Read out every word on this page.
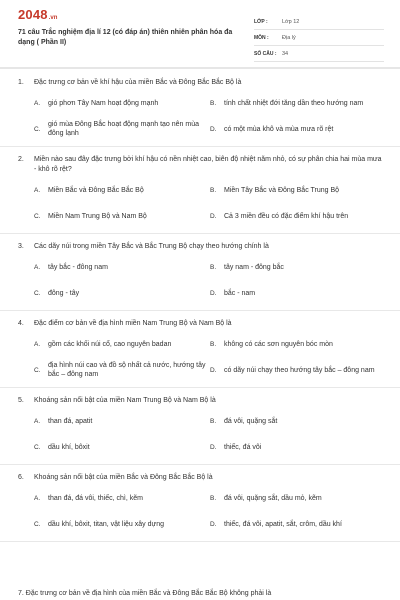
2048 .vn
71 câu Trắc nghiệm địa lí 12 (có đáp án) thiên nhiên phân hóa đa dạng ( Phần II)
LỚP :	Lớp 12
MÔN :	Địa lý
SỐ CÂU :	34
1.	Đặc trưng cơ bản về khí hậu của miền Bắc và Đông Bắc Bắc Bộ là
A.	gió phơn Tây Nam hoạt động mạnh	B.	tính chất nhiệt đới tăng dần theo hướng nam
C.
gió mùa Đông Bắc hoạt động mạnh tạo nên mùa đông lạnh
D.	có một mùa khô và mùa mưa rõ rệt
2.	Miền nào sau đây đặc trưng bởi khí hậu có nền nhiệt cao, biên độ nhiệt năm nhỏ, có sự phân chia hai mùa mưa - khô rõ rệt?
A.	Miền Bắc và Đông Bắc Bắc Bộ	B.	Miền Tây Bắc và Đông Bắc Trung Bộ
C.	Miền Nam Trung Bộ và Nam Bộ	D.	Cả 3 miền đều có đặc điểm khí hậu trên
3.	Các dãy núi trong miền Tây Bắc và Bắc Trung Bộ chạy theo hướng chính là
A.	tây bắc - đông nam	B.	tây nam - đông bắc
C.	đông - tây	D.	bắc - nam
4.	Đặc điểm cơ bản về địa hình miền Nam Trung Bộ và Nam Bộ là
A.	gồm các khối núi cổ, cao nguyên badan	B.	không có các sơn nguyên bóc mòn
C.
địa hình núi cao và đồ sộ nhất cả nước, hướng tây bắc – đông nam
D.	có dãy núi chạy theo hướng tây bắc – đông nam
5.	Khoáng sản nổi bật của miền Nam Trung Bộ và Nam Bộ là
A.	than đá, apatit	B.	đá vôi, quặng sắt
C.	dầu khí, bôxit	D.	thiếc, đá vôi
6.	Khoáng sản nổi bật của miền Bắc và Đông Bắc Bắc Bộ là
A.	than đá, đá vôi, thiếc, chì, kẽm	B.	đá vôi, quặng sắt, dầu mỏ, kẽm
C.	dầu khí, bôxit, titan, vật liệu xây dựng	D.	thiếc, đá vôi, apatit, sắt, crôm, dầu khí
7. Đặc trưng cơ bản về địa hình của miền Bắc và Đông Bắc Bắc Bộ không phải là
